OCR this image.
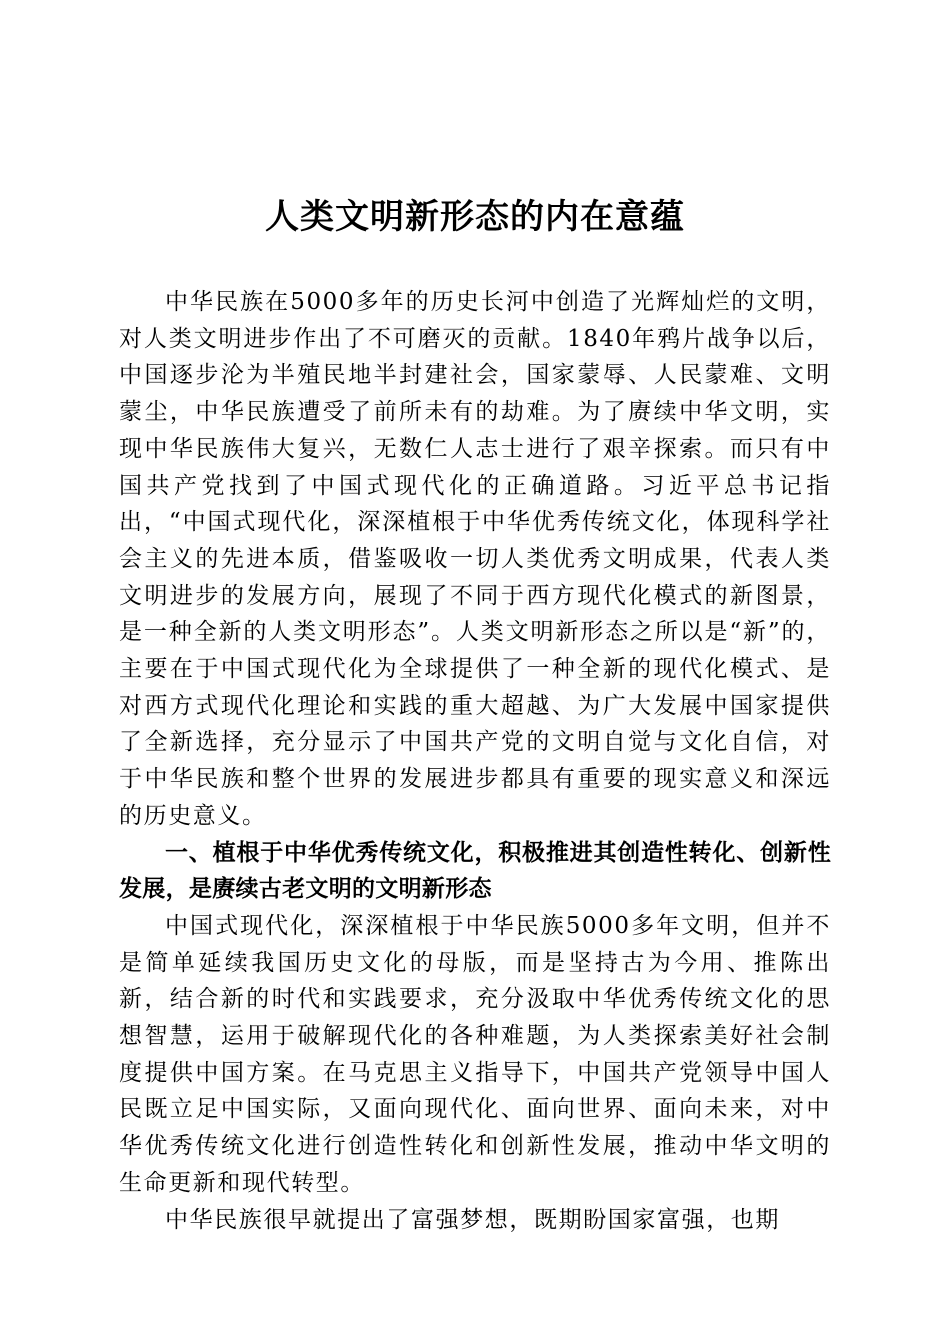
人类文明新形态的内在意蕴

中华民族在5000多年的历史长河中创造了光辉灿烂的文明，对人类文明进步作出了不可磨灭的贡献。1840年鸦片战争以后，中国逐步沦为半殖民地半封建社会，国家蒙辱、人民蒙难、文明蒙尘，中华民族遭受了前所未有的劫难。为了赓续中华文明，实现中华民族伟大复兴，无数仁人志士进行了艰辛探索。而只有中国共产党找到了中国式现代化的正确道路。习近平总书记指出，“中国式现代化，深深植根于中华优秀传统文化，体现科学社会主义的先进本质，借鉴吸收一切人类优秀文明成果，代表人类文明进步的发展方向，展现了不同于西方现代化模式的新图景，是一种全新的人类文明形态”。人类文明新形态之所以是“新”的，主要在于中国式现代化为全球提供了一种全新的现代化模式、是对西方式现代化理论和实践的重大超越、为广大发展中国家提供了全新选择，充分显示了中国共产党的文明自觉与文化自信，对于中华民族和整个世界的发展进步都具有重要的现实意义和深远的历史意义。

一、植根于中华优秀传统文化，积极推进其创造性转化、创新性发展，是赓续古老文明的文明新形态

中国式现代化，深深植根于中华民族5000多年文明，但并不是简单延续我国历史文化的母版，而是坚持古为今用、推陈出新，结合新的时代和实践要求，充分汲取中华优秀传统文化的思想智慧，运用于破解现代化的各种难题，为人类探索美好社会制度提供中国方案。在马克思主义指导下，中国共产党领导中国人民既立足中国实际，又面向现代化、面向世界、面向未来，对中华优秀传统文化进行创造性转化和创新性发展，推动中华文明的生命更新和现代转型。

中华民族很早就提出了富强梦想，既期盼国家富强，也期
